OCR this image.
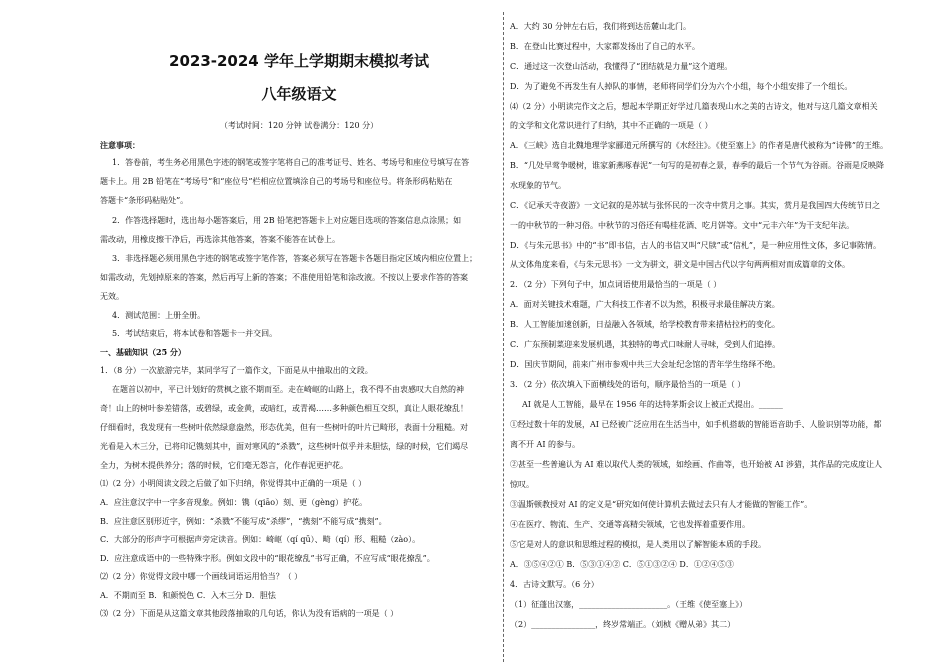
2023-2024 学年上学期期末模拟考试
八年级语文
（考试时间：120 分钟 试卷满分：120 分）
注意事项：
1．答卷前，考生务必用黑色字迹的钢笔或签字笔将自己的准考证号、姓名、考场号和座位号填写在答
题卡上。用 2B 铅笔在“考场号”和“座位号”栏相应位置填涂自己的考场号和座位号。将条形码粘贴在
答题卡“条形码粘贴处”。
2．作答选择题时，选出每小题答案后，用 2B 铅笔把答题卡上对应题目选项的答案信息点涂黑；如
需改动，用橡皮擦干净后，再选涂其他答案，答案不能答在试卷上。
3．非选择题必须用黑色字迹的钢笔或签字笔作答，答案必须写在答题卡各题目指定区域内相应位置上；
如需改动，先划掉原来的答案，然后再写上新的答案；不准使用铅笔和涂改液。不按以上要求作答的答案
无效。
4．测试范围：上册全册。
5．考试结束后，将本试卷和答题卡一并交回。
一、基础知识（25 分）
1．（8 分）一次旅游完毕，某同学写了一篇作文，下面是从中抽取出的文段。
在题首以初中，平已计划好的赏枫之旅不期而至。走在崎岖的山路上，我不得不由衷感叹大自然的神
奇！山上的树叶参差错落，或碧绿，或金黄，或暗红，或青褐……多种颜色相互交织，真让人眼花缭乱！
仔细看时，我发现有一些树叶依然绿意盎然，形态优美，但有一些树叶的叶片已畸形，表面十分粗糙。对
光看是入木三分，已将印记镌刻其中，面对寒风的“杀戮”，这些树叶似乎并未胆怯，绿的时候，它们竭尽
全力，为树木提供养分；落的时候，它们毫无怨言，化作春泥更护花。
⑴（2 分）小明阅读文段之后做了如下归纳，你觉得其中正确的一项是（ ）
A．应注意汉字中一字多音现象。例如：镌（qiāo）刻、更（gèng）护花。
B．应注意区别形近字，例如：“杀戮”不能写成“杀缪”，“携刻”不能写成“携刻”。
C．大部分的形声字可根据声旁定读音。例如：崎岖（qí qū）、畸（qí）形、粗糙（zào）。
D．应注意成语中的一些特殊字形。例如文段中的“眼花缭乱”书写正确，不应写成“眼花撩乱”。
⑵（2 分）你觉得文段中哪一个画线词语运用恰当？（ ）
A．不期而至 B．和颜悦色 C．入木三分 D．胆怯
⑶（2 分）下面是从这篇文章其他段落抽取的几句话，你认为没有语病的一项是（ ）
A．大约 30 分钟左右后，我们将到达岳麓山北门。
B．在登山比赛过程中，大家都发扬出了自己的水平。
C．通过这一次登山活动，我懂得了“团结就是力量”这个道理。
D．为了避免不再发生有人掉队的事情，老师将同学们分为六个小组，每个小组安排了一个组长。
⑷（2 分）小明读完作文之后，想起本学期正好学过几篇表现山水之美的古诗文，他对与这几篇文章相关
的文学和文化常识进行了归纳，其中不正确的一项是（ ）
A．《三峡》选自北魏地理学家郦道元所撰写的《水经注》。《使至塞上》的作者是唐代被称为“诗佛”的王维。
B．“几处早莺争暖树，谁家新燕啄春泥”一句写的是初春之景，春季的最后一个节气为谷雨。谷雨是反映降
水现象的节气。
C．《记承天寺夜游》一文记叙的是苏轼与张怀民的一次寺中赏月之事。其实，赏月是我国四大传统节日之
一的中秋节的一种习俗。中秋节的习俗还有喝桂花酒、吃月饼等。文中“元丰六年”为干支纪年法。
D．《与朱元思书》中的“书”即书信，古人的书信又叫“尺牍”或“信札”，是一种应用性文体，多记事陈情。
从文体角度来看，《与朱元思书》一文为骈文，骈文是中国古代以字句两两相对而成篇章的文体。
2．（2 分）下列句子中，加点词语使用最恰当的一项是（ ）
A．面对关键技术难题，广大科技工作者不以为然，积极寻求最佳解决方案。
B．人工智能加速创新，日益融入各领域，给学校教育带来措枯拉朽的变化。
C．广东预制菜迎来发展机遇，其独特的粤式口味耐人寻味，受到人们追捧。
D．国庆节期间，前来广州市参观中共三大会址纪念馆的青年学生络绎不绝。
3．（2 分）依次填入下面横线处的语句，顺序最恰当的一项是（ ）
AI 就是人工智能，最早在 1956 年的达特茅斯会议上被正式提出。______
①经过数十年的发展，AI 已经被广泛应用在生活当中，如手机搭载的智能语音助手、人脸识别等功能，都
离不开 AI 的参与。
②甚至一些普遍认为 AI 难以取代人类的领域，如绘画、作曲等，也开始被 AI 涉猎，其作品的完成度让人
惊叹。
③温斯顿教授对 AI 的定义是“研究如何使计算机去做过去只有人才能做的智能工作”。
④在医疗、物流、生产、交通等高精尖领域，它也发挥着重要作用。
⑤它是对人的意识和思维过程的模拟，是人类用以了解智能本质的手段。
A．③⑤④②① B．⑤③①④② C．⑤①③②④ D．①②④⑤③
4．古诗文默写。（6 分）
（1）征蓬出汉塞，______________________。（王维《使至塞上》）
（2）________________，终岁常端正。（刘桢《赠从弟》其二）
